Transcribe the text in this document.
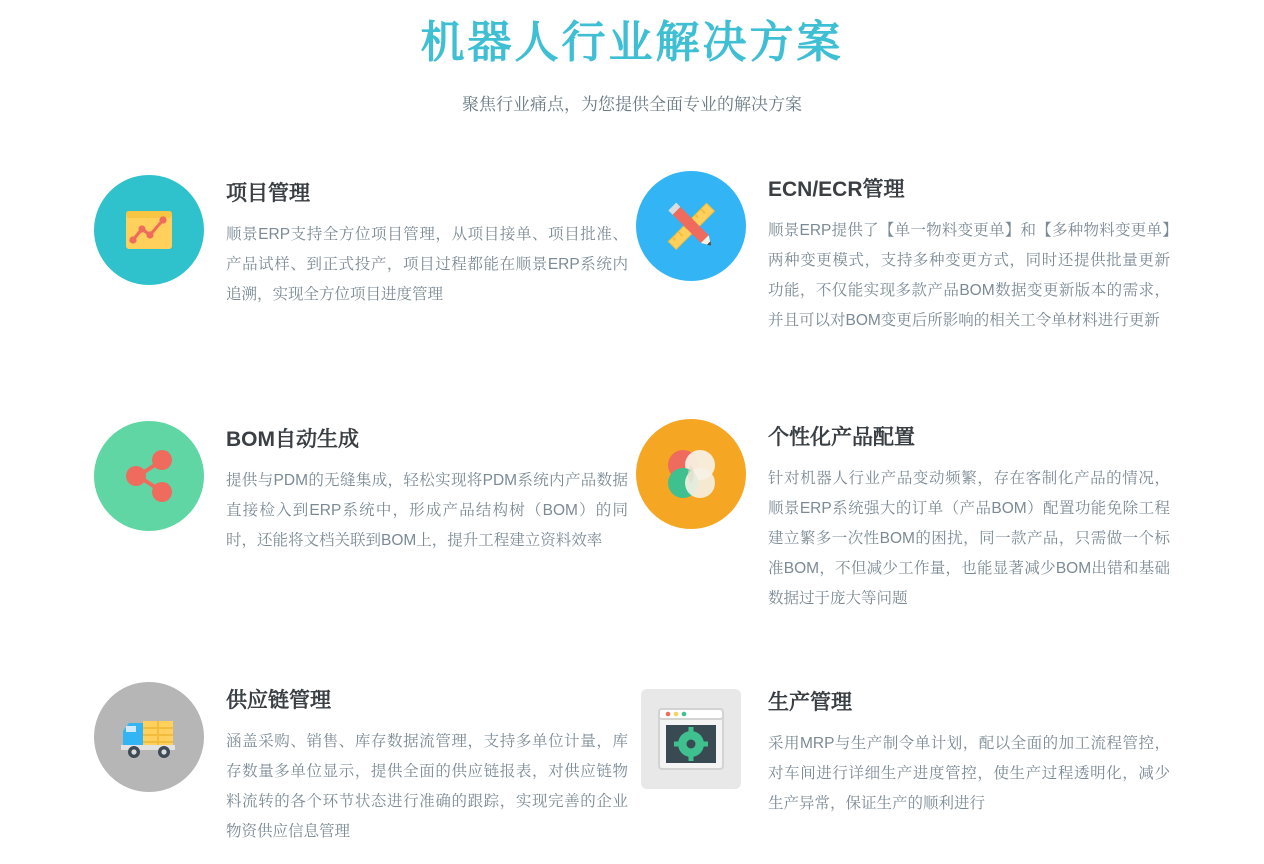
机器人行业解决方案

聚焦行业痛点，为您提供全面专业的解决方案

项目管理

顺景ERP支持全方位项目管理，从项目接单、项目批准、产品试样、到正式投产，项目过程都能在顺景ERP系统内追溯，实现全方位项目进度管理

ECN/ECR管理

顺景ERP提供了【单一物料变更单】和【多种物料变更单】两种变更模式，支持多种变更方式，同时还提供批量更新功能，不仅能实现多款产品BOM数据变更新版本的需求，并且可以对BOM变更后所影响的相关工令单材料进行更新

BOM自动生成

提供与PDM的无缝集成，轻松实现将PDM系统内产品数据直接检入到ERP系统中，形成产品结构树（BOM）的同时，还能将文档关联到BOM上，提升工程建立资料效率

个性化产品配置

针对机器人行业产品变动频繁，存在客制化产品的情况，顺景ERP系统强大的订单（产品BOM）配置功能免除工程建立繁多一次性BOM的困扰，同一款产品，只需做一个标准BOM，不但减少工作量，也能显著减少BOM出错和基础数据过于庞大等问题

供应链管理

涵盖采购、销售、库存数据流管理，支持多单位计量，库存数量多单位显示，提供全面的供应链报表，对供应链物料流转的各个环节状态进行准确的跟踪，实现完善的企业物资供应信息管理

生产管理

采用MRP与生产制令单计划，配以全面的加工流程管控，对车间进行详细生产进度管控，使生产过程透明化，减少生产异常，保证生产的顺利进行
